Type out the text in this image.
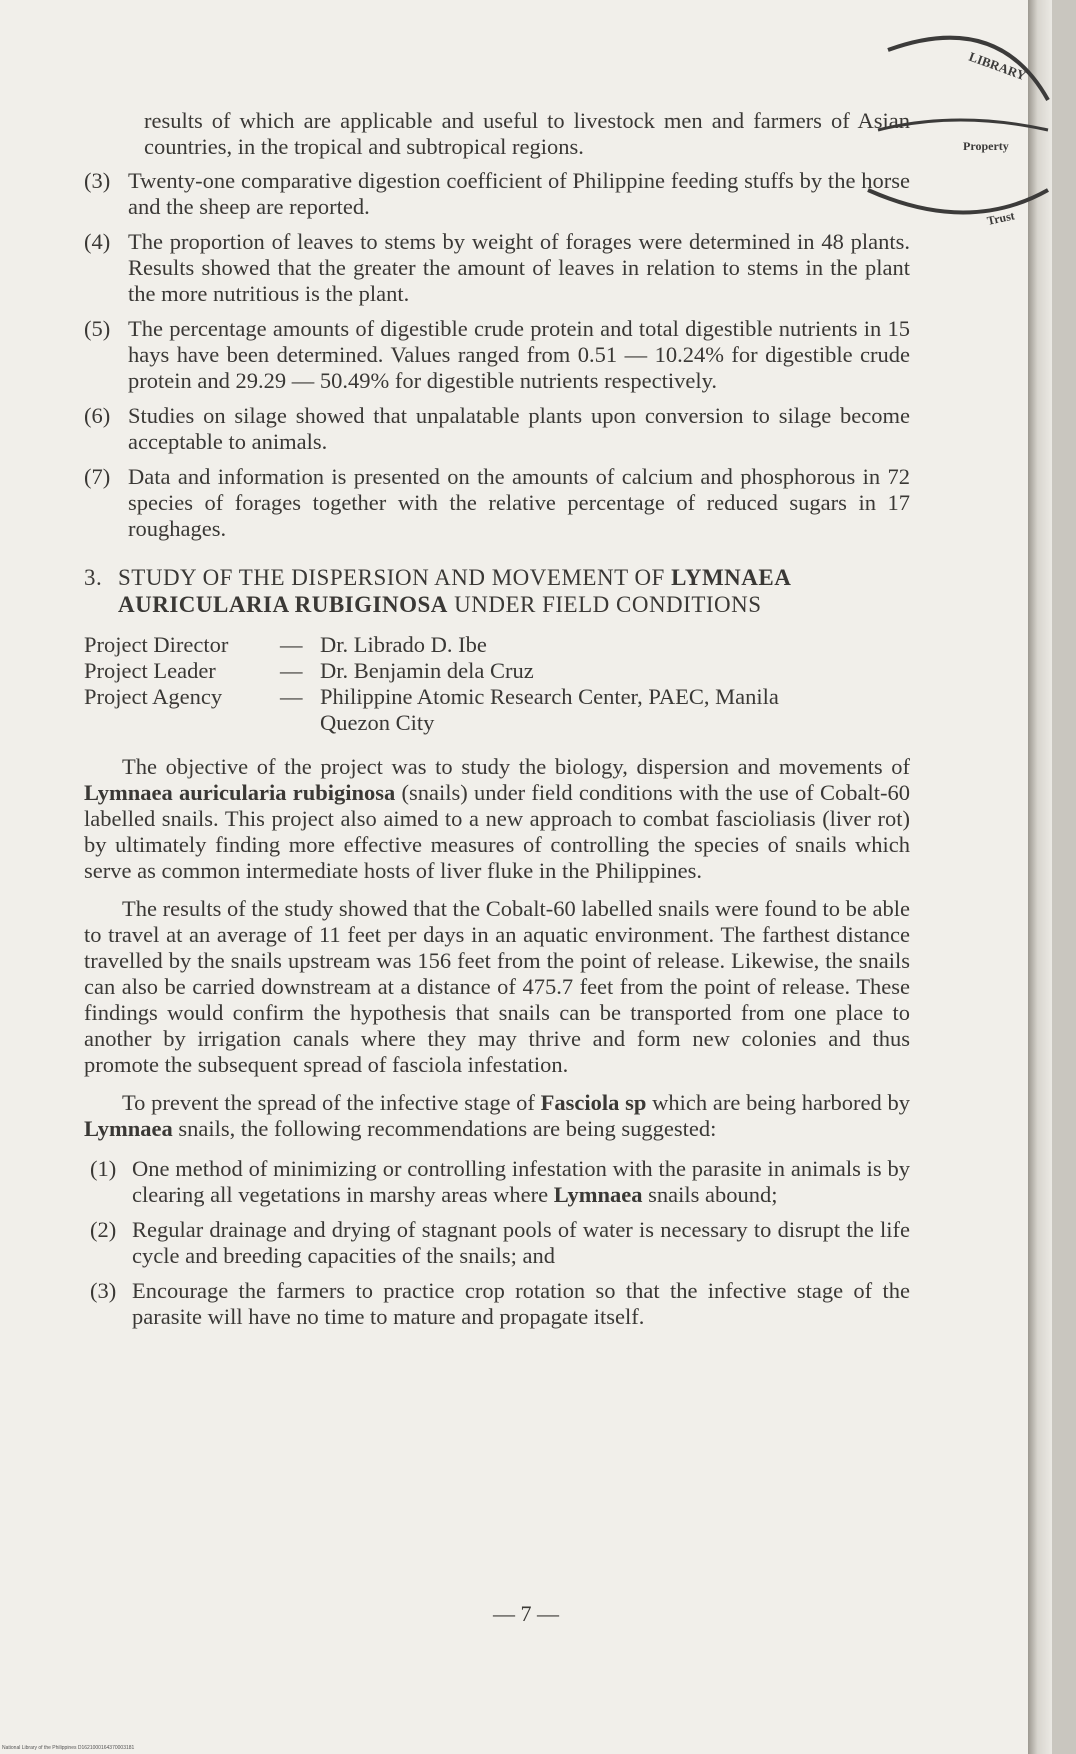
LIBRARY
Property
Trust
results of which are applicable and useful to livestock men and farmers of Asian countries, in the tropical and subtropical regions.
(3) Twenty-one comparative digestion coefficient of Philippine feeding stuffs by the horse and the sheep are reported.
(4) The proportion of leaves to stems by weight of forages were determined in 48 plants. Results showed that the greater the amount of leaves in relation to stems in the plant the more nutritious is the plant.
(5) The percentage amounts of digestible crude protein and total digestible nutrients in 15 hays have been determined. Values ranged from 0.51 — 10.24% for digestible crude protein and 29.29 — 50.49% for digestible nutrients respectively.
(6) Studies on silage showed that unpalatable plants upon conversion to silage become acceptable to animals.
(7) Data and information is presented on the amounts of calcium and phosphorous in 72 species of forages together with the relative percentage of reduced sugars in 17 roughages.
3. STUDY OF THE DISPERSION AND MOVEMENT OF LYMNAEA AURICULARIA RUBIGINOSA UNDER FIELD CONDITIONS
Project Director	— Dr. Librado D. Ibe
Project Leader	— Dr. Benjamin dela Cruz
Project Agency	— Philippine Atomic Research Center, PAEC, Manila
Quezon City

The objective of the project was to study the biology, dispersion and movements of Lymnaea auricularia rubiginosa (snails) under field conditions with the use of Cobalt-60 labelled snails. This project also aimed to a new approach to combat fascioliasis (liver rot) by ultimately finding more effective measures of controlling the species of snails which serve as common intermediate hosts of liver fluke in the Philippines.

The results of the study showed that the Cobalt-60 labelled snails were found to be able to travel at an average of 11 feet per days in an aquatic environment. The farthest distance travelled by the snails upstream was 156 feet from the point of release. Likewise, the snails can also be carried downstream at a distance of 475.7 feet from the point of release. These findings would confirm the hypothesis that snails can be transported from one place to another by irrigation canals where they may thrive and form new colonies and thus promote the subsequent spread of fasciola infestation.

To prevent the spread of the infective stage of Fasciola sp which are being harbored by Lymnaea snails, the following recommendations are being suggested:

(1) One method of minimizing or controlling infestation with the parasite in animals is by clearing all vegetations in marshy areas where Lymnaea snails abound;
(2) Regular drainage and drying of stagnant pools of water is necessary to disrupt the life cycle and breeding capacities of the snails; and
(3) Encourage the farmers to practice crop rotation so that the infective stage of the parasite will have no time to mature and propagate itself.
— 7 —
National Library of the Philippines D1621000164370003181
